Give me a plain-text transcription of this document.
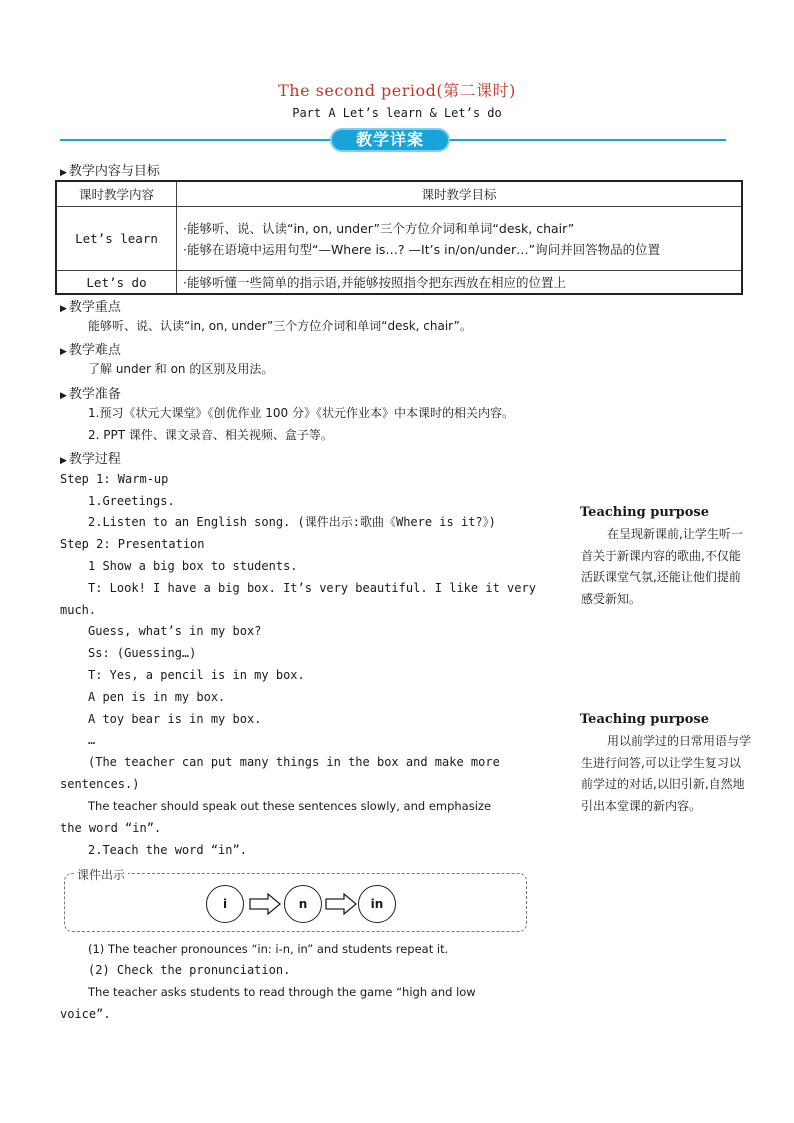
The second period(第二课时)
Part A Let’s learn & Let’s do
教学详案
▶ 教学内容与目标
课时教学内容	课时教学目标
Let’s learn	·能够听、说、认读“in, on, under”三个方位介词和单词“desk, chair”
·能够在语境中运用句型“—Where is…? —It’s in/on/under…”询问并回答物品的位置

Let’s do	·能够听懂一些简单的指示语,并能够按照指令把东西放在相应的位置上
▶ 教学重点
能够听、说、认读“in, on, under”三个方位介词和单词“desk, chair”。
▶ 教学难点
了解 under 和 on 的区别及用法。
▶ 教学准备
1.预习《状元大课堂》《创优作业 100 分》《状元作业本》中本课时的相关内容。
2. PPT 课件、课文录音、相关视频、盒子等。
▶ 教学过程
Step 1: Warm-up
1.Greetings.
2.Listen to an English song. (课件出示:歌曲《Where is it?》)
Step 2: Presentation
1 Show a big box to students.
T: Look! I have a big box. It’s very beautiful. I like it very
much.
Guess, what’s in my box?
Ss: (Guessing…)
T: Yes, a pencil is in my box.
A pen is in my box.
A toy bear is in my box.
…
(The teacher can put many things in the box and make more
sentences.)
The teacher should speak out these sentences slowly, and emphasize
the word “in”.
2.Teach the word “in”.
课件出示
i	n	in
(1) The teacher pronounces “in: i-n, in” and students repeat it.
(2) Check the pronunciation.
The teacher asks students to read through the game “high and low
voice”.
Teaching purpose
在呈现新课前,让学生听一首关于新课内容的歌曲,不仅能活跃课堂气氛,还能让他们提前感受新知。
Teaching purpose
用以前学过的日常用语与学生进行问答,可以让学生复习以前学过的对话,以旧引新,自然地引出本堂课的新内容。
